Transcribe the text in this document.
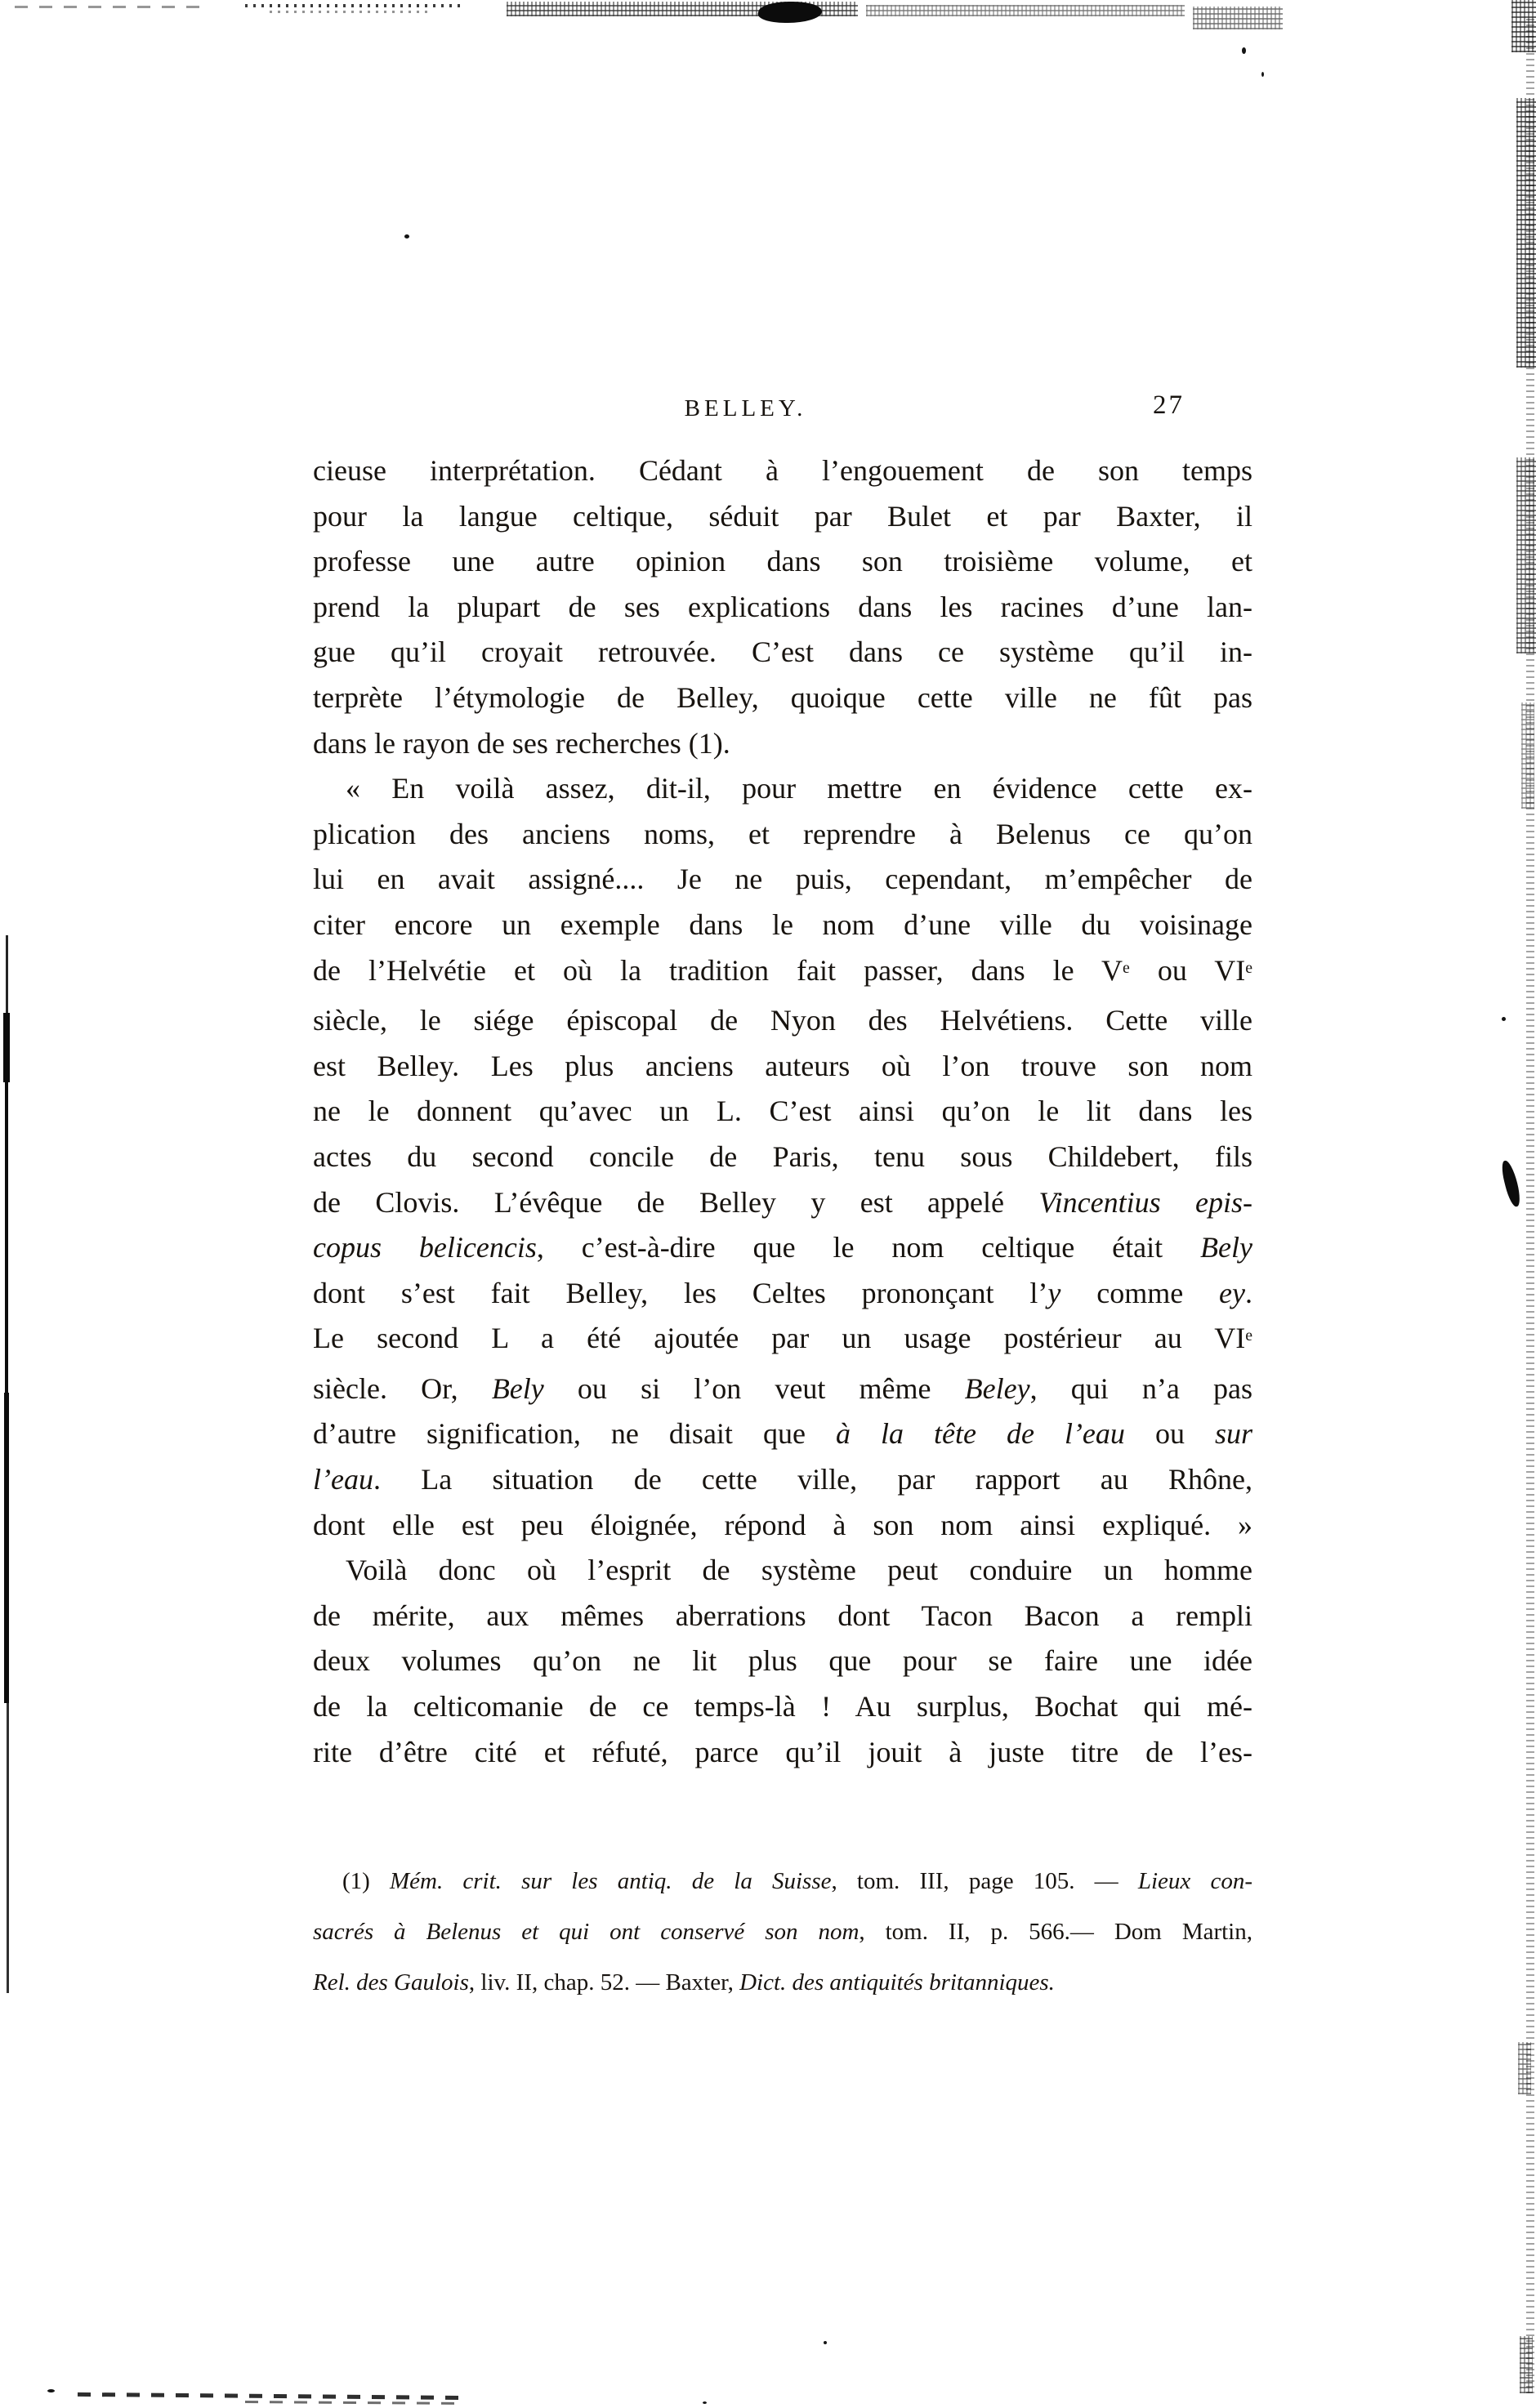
BELLEY.	27
cieuse interprétation. Cédant à l’engouement de son temps
pour la langue celtique, séduit par Bulet et par Baxter, il
professe une autre opinion dans son troisième volume, et
prend la plupart de ses explications dans les racines d’une lan-
gue qu’il croyait retrouvée. C’est dans ce système qu’il in-
terprète l’étymologie de Belley, quoique cette ville ne fût pas
dans le rayon de ses recherches (1).
« En voilà assez, dit-il, pour mettre en évidence cette ex-
plication des anciens noms, et reprendre à Belenus ce qu’on
lui en avait assigné.... Je ne puis, cependant, m’empêcher de
citer encore un exemple dans le nom d’une ville du voisinage
de l’Helvétie et où la tradition fait passer, dans le Ve ou VIe
siècle, le siége épiscopal de Nyon des Helvétiens. Cette ville
est Belley. Les plus anciens auteurs où l’on trouve son nom
ne le donnent qu’avec un L. C’est ainsi qu’on le lit dans les
actes du second concile de Paris, tenu sous Childebert, fils
de Clovis. L’évêque de Belley y est appelé Vincentius epis-
copus belicencis, c’est-à-dire que le nom celtique était Bely
dont s’est fait Belley, les Celtes prononçant l’y comme ey.
Le second L a été ajoutée par un usage postérieur au VIe
siècle. Or, Bely ou si l’on veut même Beley, qui n’a pas
d’autre signification, ne disait que à la tête de l’eau ou sur
l’eau. La situation de cette ville, par rapport au Rhône,
dont elle est peu éloignée, répond à son nom ainsi expliqué. »
Voilà donc où l’esprit de système peut conduire un homme
de mérite, aux mêmes aberrations dont Tacon Bacon a rempli
deux volumes qu’on ne lit plus que pour se faire une idée
de la celticomanie de ce temps-là ! Au surplus, Bochat qui mé-
rite d’être cité et réfuté, parce qu’il jouit à juste titre de l’es-
(1) Mém. crit. sur les antiq. de la Suisse, tom. III, page 105. — Lieux con-
sacrés à Belenus et qui ont conservé son nom, tom. II, p. 566.— Dom Martin,
Rel. des Gaulois, liv. II, chap. 52. — Baxter, Dict. des antiquités britanniques.
